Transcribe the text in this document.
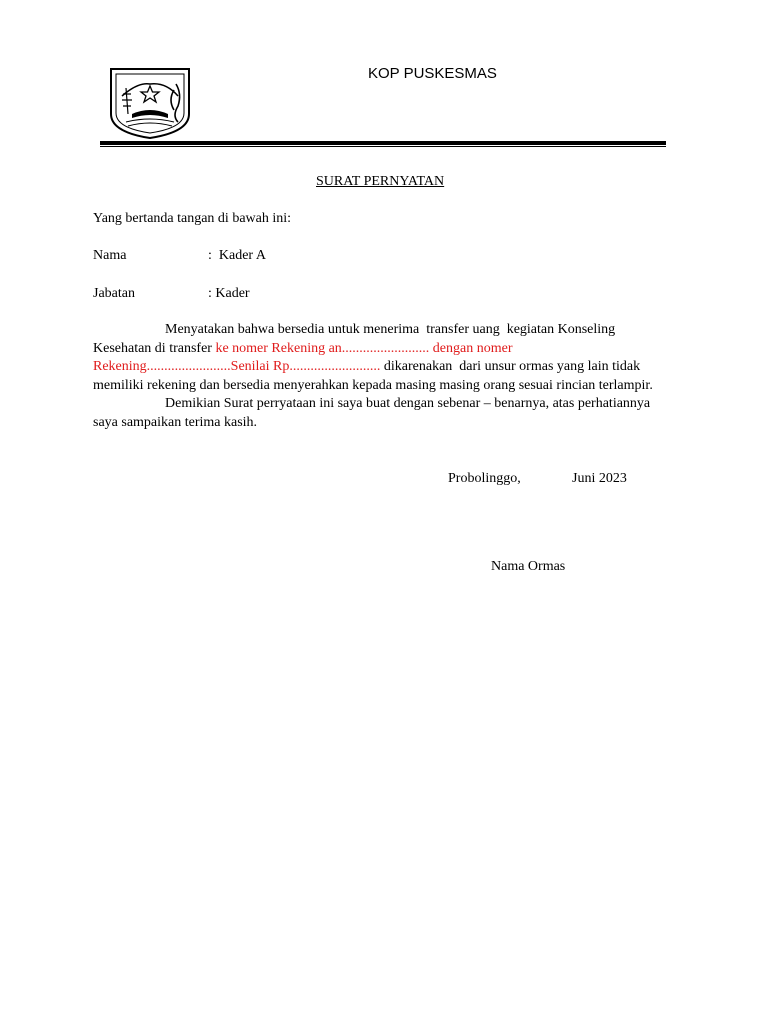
KOP PUSKESMAS
SURAT PERNYATAN
Yang bertanda tangan di bawah ini:
Nama	:  Kader A
Jabatan	: Kader
Menyatakan bahwa bersedia untuk menerima  transfer uang  kegiatan Konseling
Kesehatan di transfer ke nomer Rekening an......................... dengan nomer
Rekening........................Senilai Rp.......................... dikarenakan  dari unsur ormas yang lain tidak
memiliki rekening dan bersedia menyerahkan kepada masing masing orang sesuai rincian terlampir.
Demikian Surat perryataan ini saya buat dengan sebenar – benarnya, atas perhatiannya
saya sampaikan terima kasih.
Probolinggo,	Juni 2023
Nama Ormas
